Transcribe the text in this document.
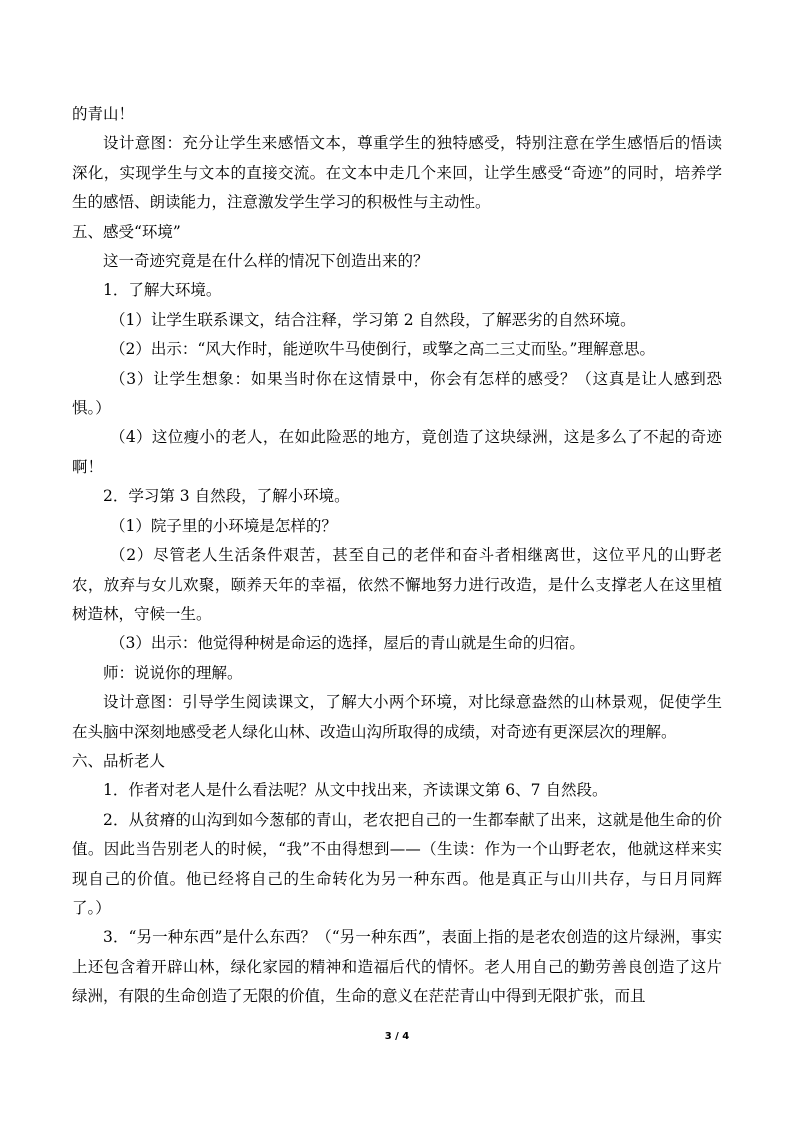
的青山！

设计意图：充分让学生来感悟文本，尊重学生的独特感受，特别注意在学生感悟后的悟读深化，实现学生与文本的直接交流。在文本中走几个来回，让学生感受“奇迹”的同时，培养学生的感悟、朗读能力，注意激发学生学习的积极性与主动性。

五、感受“环境”

这一奇迹究竟是在什么样的情况下创造出来的？

1．了解大环境。

（1）让学生联系课文，结合注释，学习第 2 自然段，了解恶劣的自然环境。

（2）出示：“风大作时，能逆吹牛马使倒行，或擎之高二三丈而坠。”理解意思。

（3）让学生想象：如果当时你在这情景中，你会有怎样的感受？（这真是让人感到恐惧。）

（4）这位瘦小的老人，在如此险恶的地方，竟创造了这块绿洲，这是多么了不起的奇迹啊！

2．学习第 3 自然段，了解小环境。

（1）院子里的小环境是怎样的？

（2）尽管老人生活条件艰苦，甚至自己的老伴和奋斗者相继离世，这位平凡的山野老农，放弃与女儿欢聚，颐养天年的幸福，依然不懈地努力进行改造，是什么支撑老人在这里植树造林，守候一生。

（3）出示：他觉得种树是命运的选择，屋后的青山就是生命的归宿。

师：说说你的理解。

设计意图：引导学生阅读课文，了解大小两个环境，对比绿意盎然的山林景观，促使学生在头脑中深刻地感受老人绿化山林、改造山沟所取得的成绩，对奇迹有更深层次的理解。

六、品析老人

1．作者对老人是什么看法呢？从文中找出来，齐读课文第 6、7 自然段。

2．从贫瘠的山沟到如今葱郁的青山，老农把自己的一生都奉献了出来，这就是他生命的价值。因此当告别老人的时候，“我”不由得想到——（生读：作为一个山野老农，他就这样来实现自己的价值。他已经将自己的生命转化为另一种东西。他是真正与山川共存，与日月同辉了。）

3．“另一种东西”是什么东西？（“另一种东西”，表面上指的是老农创造的这片绿洲，事实上还包含着开辟山林，绿化家园的精神和造福后代的情怀。老人用自己的勤劳善良创造了这片绿洲，有限的生命创造了无限的价值，生命的意义在茫茫青山中得到无限扩张，而且

3 / 4
